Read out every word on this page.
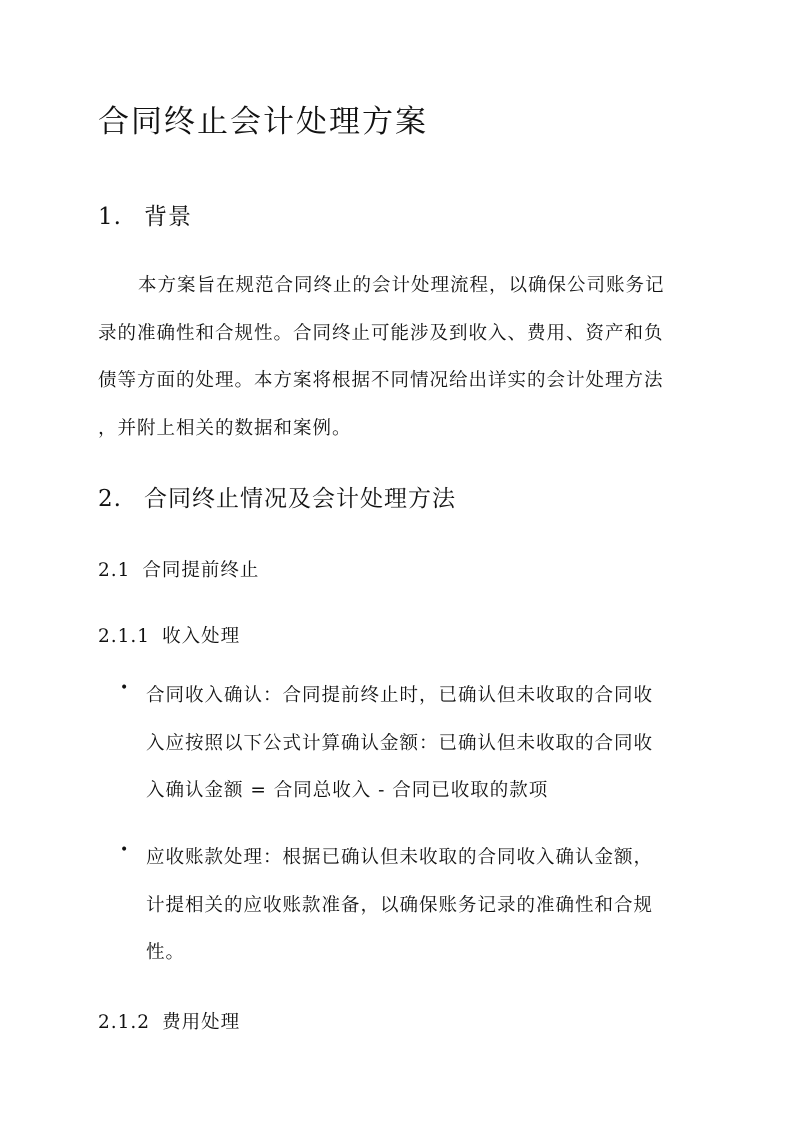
合同终止会计处理方案
1. 背景
本方案旨在规范合同终止的会计处理流程，以确保公司账务记
录的准确性和合规性。合同终止可能涉及到收入、费用、资产和负
债等方面的处理。本方案将根据不同情况给出详实的会计处理方法
，并附上相关的数据和案例。
2. 合同终止情况及会计处理方法
2.1 合同提前终止
2.1.1 收入处理
• 合同收入确认：合同提前终止时，已确认但未收取的合同收
入应按照以下公式计算确认金额：已确认但未收取的合同收
入确认金额 = 合同总收入 - 合同已收取的款项
• 应收账款处理：根据已确认但未收取的合同收入确认金额，
计提相关的应收账款准备，以确保账务记录的准确性和合规
性。
2.1.2 费用处理
